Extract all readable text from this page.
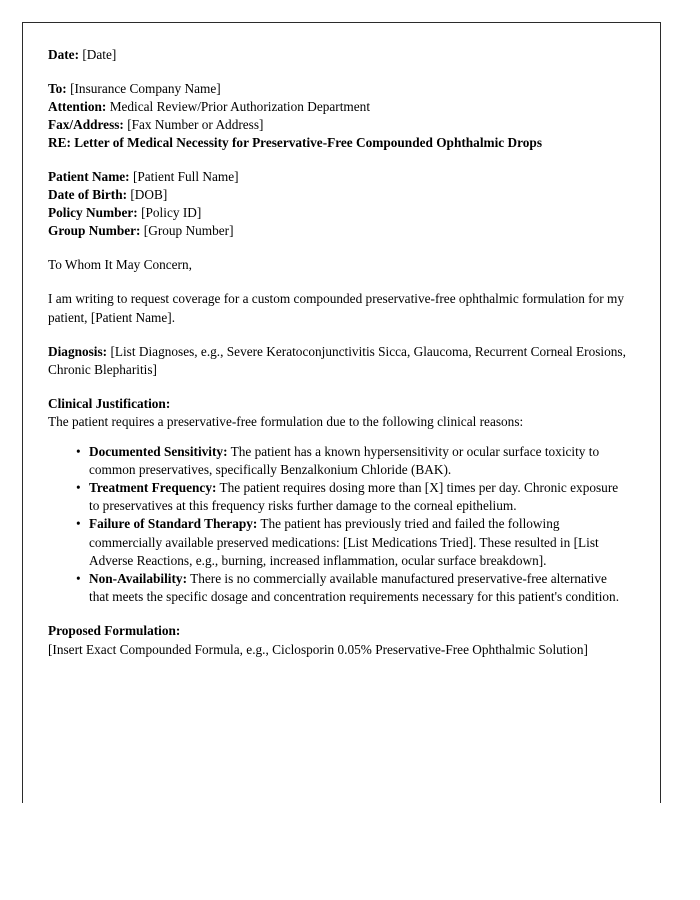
Date: [Date]
To: [Insurance Company Name]
Attention: Medical Review/Prior Authorization Department
Fax/Address: [Fax Number or Address]
RE: Letter of Medical Necessity for Preservative-Free Compounded Ophthalmic Drops
Patient Name: [Patient Full Name]
Date of Birth: [DOB]
Policy Number: [Policy ID]
Group Number: [Group Number]
To Whom It May Concern,
I am writing to request coverage for a custom compounded preservative-free ophthalmic formulation for my patient, [Patient Name].
Diagnosis: [List Diagnoses, e.g., Severe Keratoconjunctivitis Sicca, Glaucoma, Recurrent Corneal Erosions, Chronic Blepharitis]
Clinical Justification:
The patient requires a preservative-free formulation due to the following clinical reasons:
• Documented Sensitivity: The patient has a known hypersensitivity or ocular surface toxicity to common preservatives, specifically Benzalkonium Chloride (BAK).
• Treatment Frequency: The patient requires dosing more than [X] times per day. Chronic exposure to preservatives at this frequency risks further damage to the corneal epithelium.
• Failure of Standard Therapy: The patient has previously tried and failed the following commercially available preserved medications: [List Medications Tried]. These resulted in [List Adverse Reactions, e.g., burning, increased inflammation, ocular surface breakdown].
• Non-Availability: There is no commercially available manufactured preservative-free alternative that meets the specific dosage and concentration requirements necessary for this patient's condition.
Proposed Formulation:
[Insert Exact Compounded Formula, e.g., Ciclosporin 0.05% Preservative-Free Ophthalmic Solution]
